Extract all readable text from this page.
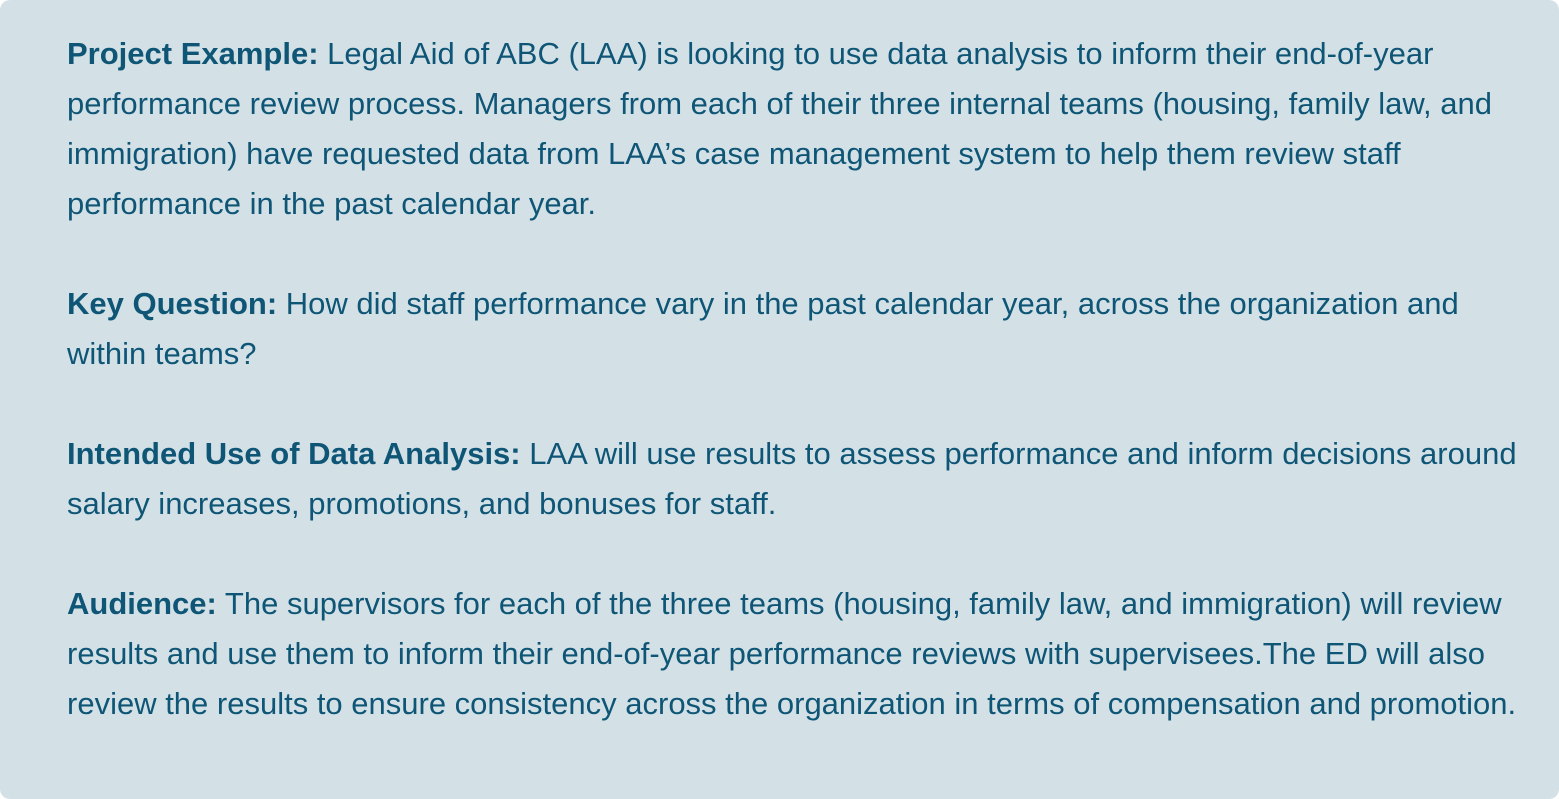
Project Example: Legal Aid of ABC (LAA) is looking to use data analysis to inform their end-of-year performance review process. Managers from each of their three internal teams (housing, family law, and immigration) have requested data from LAA’s case management system to help them review staff performance in the past calendar year.

Key Question: How did staff performance vary in the past calendar year, across the organization and within teams?

Intended Use of Data Analysis: LAA will use results to assess performance and inform decisions around salary increases, promotions, and bonuses for staff.

Audience: The supervisors for each of the three teams (housing, family law, and immigration) will review results and use them to inform their end-of-year performance reviews with supervisees.The ED will also review the results to ensure consistency across the organization in terms of compensation and promotion.
